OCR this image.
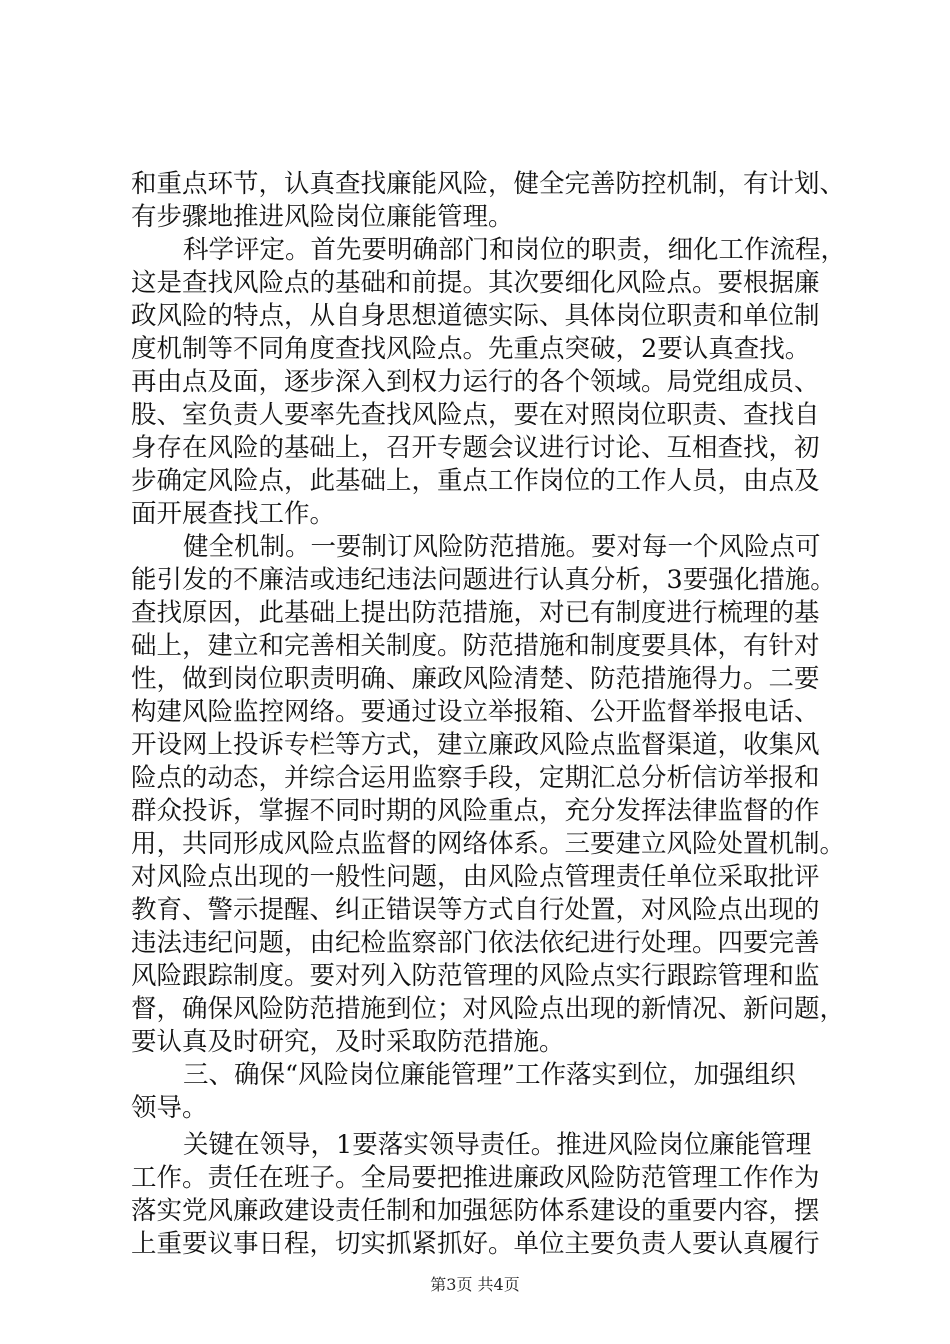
和重点环节，认真查找廉能风险，健全完善防控机制，有计划、
有步骤地推进风险岗位廉能管理。
科学评定。首先要明确部门和岗位的职责，细化工作流程，
这是查找风险点的基础和前提。其次要细化风险点。要根据廉
政风险的特点，从自身思想道德实际、具体岗位职责和单位制
度机制等不同角度查找风险点。先重点突破，2要认真查找。
再由点及面，逐步深入到权力运行的各个领域。局党组成员、
股、室负责人要率先查找风险点，要在对照岗位职责、查找自
身存在风险的基础上，召开专题会议进行讨论、互相查找，初
步确定风险点，此基础上，重点工作岗位的工作人员，由点及
面开展查找工作。
健全机制。一要制订风险防范措施。要对每一个风险点可
能引发的不廉洁或违纪违法问题进行认真分析，3要强化措施。
查找原因，此基础上提出防范措施，对已有制度进行梳理的基
础上，建立和完善相关制度。防范措施和制度要具体，有针对
性，做到岗位职责明确、廉政风险清楚、防范措施得力。二要
构建风险监控网络。要通过设立举报箱、公开监督举报电话、
开设网上投诉专栏等方式，建立廉政风险点监督渠道，收集风
险点的动态，并综合运用监察手段，定期汇总分析信访举报和
群众投诉，掌握不同时期的风险重点，充分发挥法律监督的作
用，共同形成风险点监督的网络体系。三要建立风险处置机制。
对风险点出现的一般性问题，由风险点管理责任单位采取批评
教育、警示提醒、纠正错误等方式自行处置，对风险点出现的
违法违纪问题，由纪检监察部门依法依纪进行处理。四要完善
风险跟踪制度。要对列入防范管理的风险点实行跟踪管理和监
督，确保风险防范措施到位；对风险点出现的新情况、新问题，
要认真及时研究，及时采取防范措施。
三、确保“风险岗位廉能管理”工作落实到位，加强组织
领导。
关键在领导，1要落实领导责任。推进风险岗位廉能管理
工作。责任在班子。全局要把推进廉政风险防范管理工作作为
落实党风廉政建设责任制和加强惩防体系建设的重要内容，摆
上重要议事日程，切实抓紧抓好。单位主要负责人要认真履行
第3页 共4页
